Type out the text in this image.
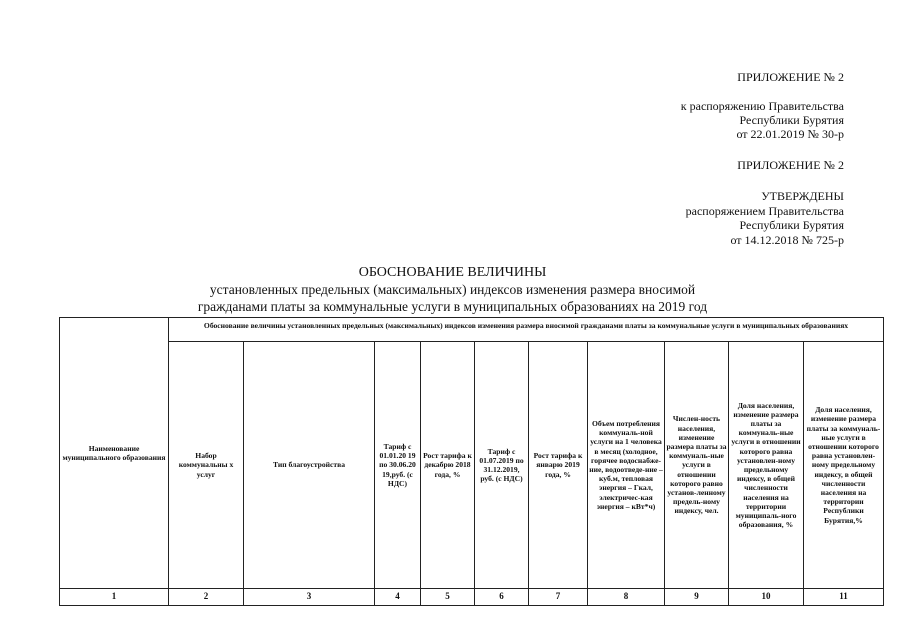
ПРИЛОЖЕНИЕ № 2
к распоряжению Правительства
Республики Бурятия
от 22.01.2019 № 30-р
ПРИЛОЖЕНИЕ № 2
УТВЕРЖДЕНЫ
распоряжением Правительства
Республики Бурятия
от 14.12.2018 № 725-р
ОБОСНОВАНИЕ ВЕЛИЧИНЫ
установленных предельных (максимальных) индексов изменения размера вносимой
гражданами платы за коммунальные услуги в муниципальных образованиях на 2019 год
Наименование муниципального образования	Обоснование величины установленных предельных (максимальных) индексов изменения размера вносимой гражданами платы за коммунальные услуги в муниципальных образованиях									
	Набор коммунальны х услуг	Тип благоустройства	Тариф с 01.01.20 19 по 30.06.20 19,руб. (с НДС)	Рост тарифа к декабрю 2018 года, %	Тариф с 01.07.2019 по 31.12.2019, руб. (с НДС)	Рост тарифа к январю 2019 года, %	Объем потребления коммуналь-ной услуги на 1 человека в месяц (холодное, горячее водоснабже-ние, водоотведе-ние – куб.м, тепловая энергия – Гкал, электричес-кая энергия – кВт*ч)	Числен-ность населения, изменение размера платы за коммуналь-ные услуги в отношении которого равно установ-ленному предель-ному индексу, чел.	Доля населения, изменение размера платы за коммуналь-ные услуги в отношении которого равна установлен-ному предельному индексу, в общей численности населения на территории муниципаль-ного образования, %	Доля населения, изменение размера платы за коммуналь-ные услуги в отношении которого равна установлен-ному предельному индексу, в общей численности населения на территории Республики Бурятия,%
1	2	3	4	5	6	7	8	9	10	11
